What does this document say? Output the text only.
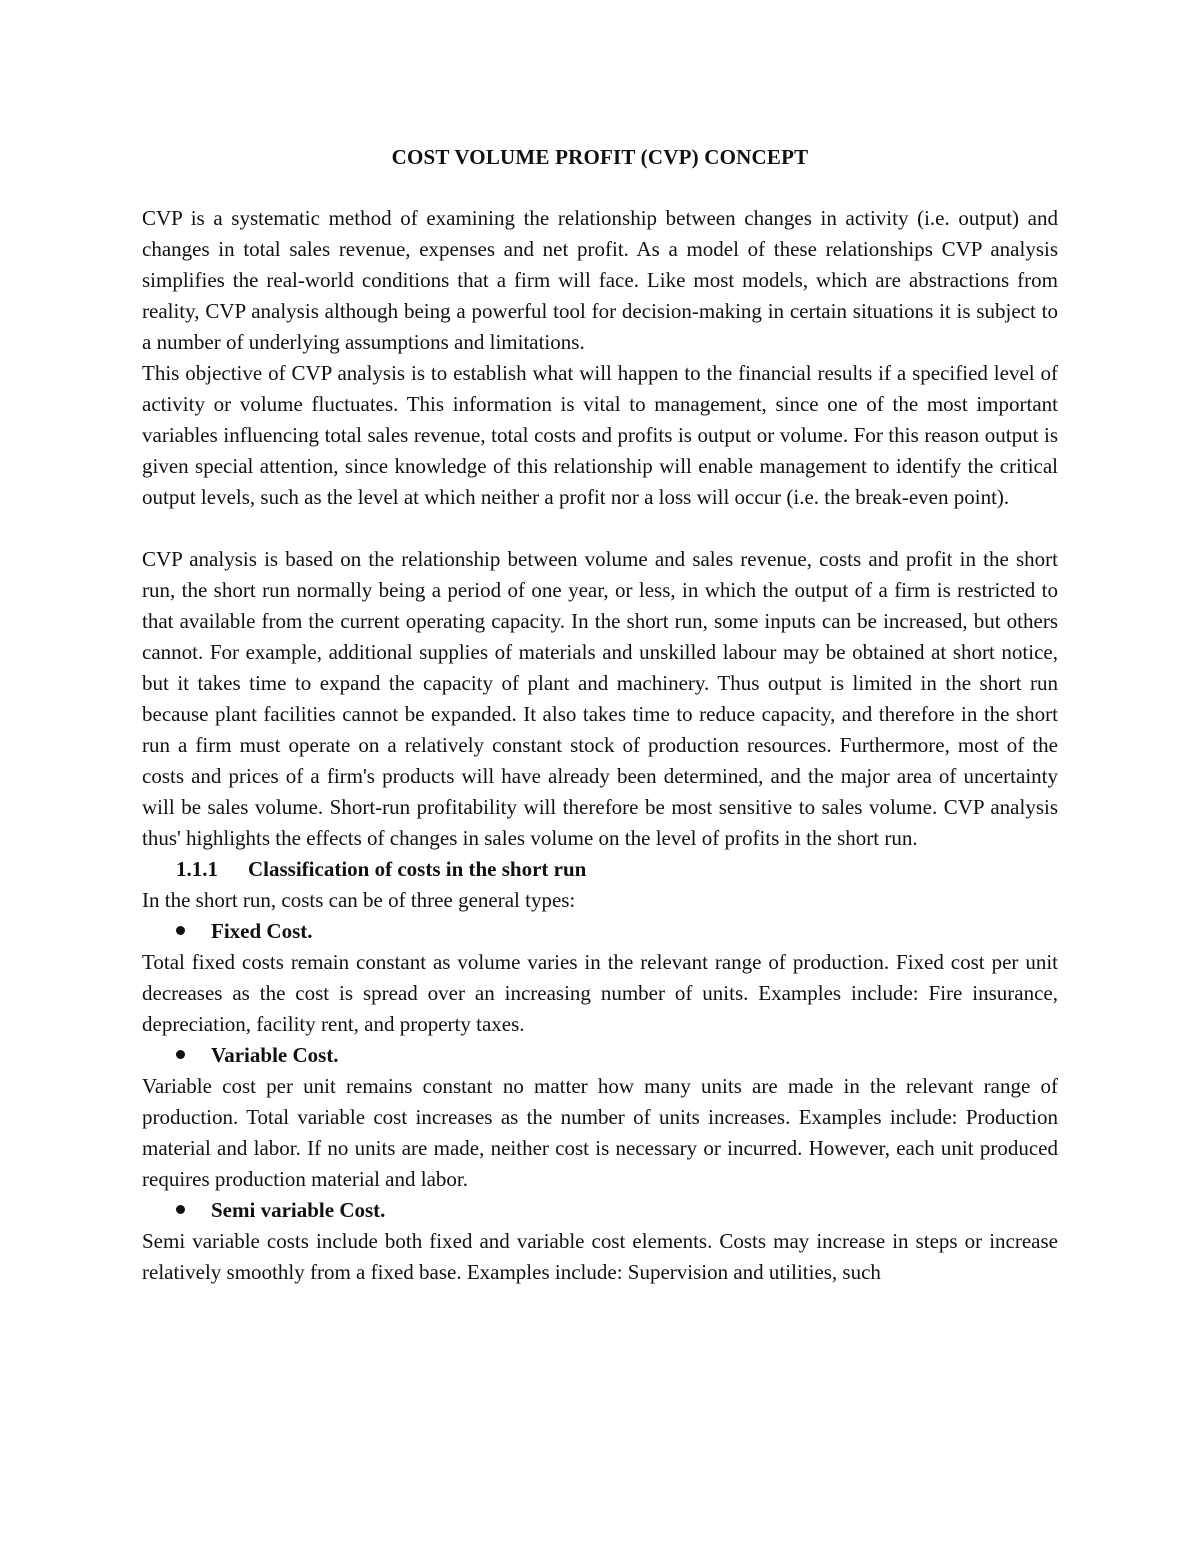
COST VOLUME PROFIT (CVP) CONCEPT

CVP is a systematic method of examining the relationship between changes in activity (i.e. output) and changes in total sales revenue, expenses and net profit. As a model of these relationships CVP analysis simplifies the real-world conditions that a firm will face. Like most models, which are abstractions from reality, CVP analysis although being a powerful tool for decision-making in certain situations it is subject to a number of underlying assumptions and limitations.

This objective of CVP analysis is to establish what will happen to the financial results if a specified level of activity or volume fluctuates. This information is vital to management, since one of the most important variables influencing total sales revenue, total costs and profits is output or volume. For this reason output is given special attention, since knowledge of this relationship will enable management to identify the critical output levels, such as the level at which neither a profit nor a loss will occur (i.e. the break-even point).

CVP analysis is based on the relationship between volume and sales revenue, costs and profit in the short run, the short run normally being a period of one year, or less, in which the output of a firm is restricted to that available from the current operating capacity. In the short run, some inputs can be increased, but others cannot. For example, additional supplies of materials and unskilled labour may be obtained at short notice, but it takes time to expand the capacity of plant and machinery. Thus output is limited in the short run because plant facilities cannot be expanded. It also takes time to reduce capacity, and therefore in the short run a firm must operate on a relatively constant stock of production resources. Furthermore, most of the costs and prices of a firm's products will have already been determined, and the major area of uncertainty will be sales volume. Short-run profitability will therefore be most sensitive to sales volume. CVP analysis thus' highlights the effects of changes in sales volume on the level of profits in the short run.

1.1.1	Classification of costs in the short run

In the short run, costs can be of three general types:

Fixed Cost.

Total fixed costs remain constant as volume varies in the relevant range of production. Fixed cost per unit decreases as the cost is spread over an increasing number of units. Examples include: Fire insurance, depreciation, facility rent, and property taxes.

Variable Cost.

Variable cost per unit remains constant no matter how many units are made in the relevant range of production. Total variable cost increases as the number of units increases. Examples include: Production material and labor. If no units are made, neither cost is necessary or incurred. However, each unit produced requires production material and labor.

Semi variable Cost.

Semi variable costs include both fixed and variable cost elements. Costs may increase in steps or increase relatively smoothly from a fixed base. Examples include: Supervision and utilities, such
